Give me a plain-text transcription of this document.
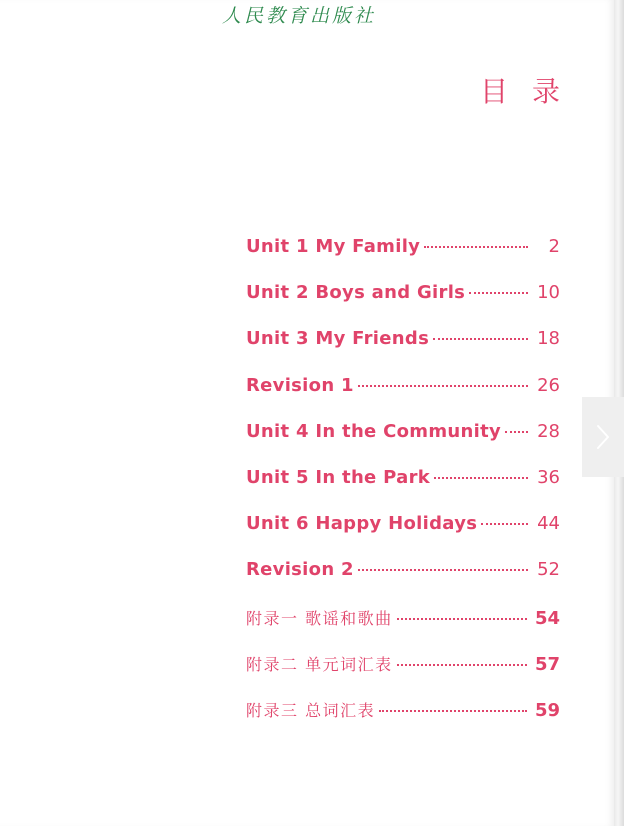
人民教育出版社
目录
Unit 1 My Family	2
Unit 2 Boys and Girls	10
Unit 3 My Friends	18
Revision 1	26
Unit 4 In the Community 28
Unit 5 In the Park	36
Unit 6 Happy Holidays	44
Revision 2	52
附录一 歌谣和歌曲	54
附录二 单元词汇表	57
附录三 总词汇表	59
